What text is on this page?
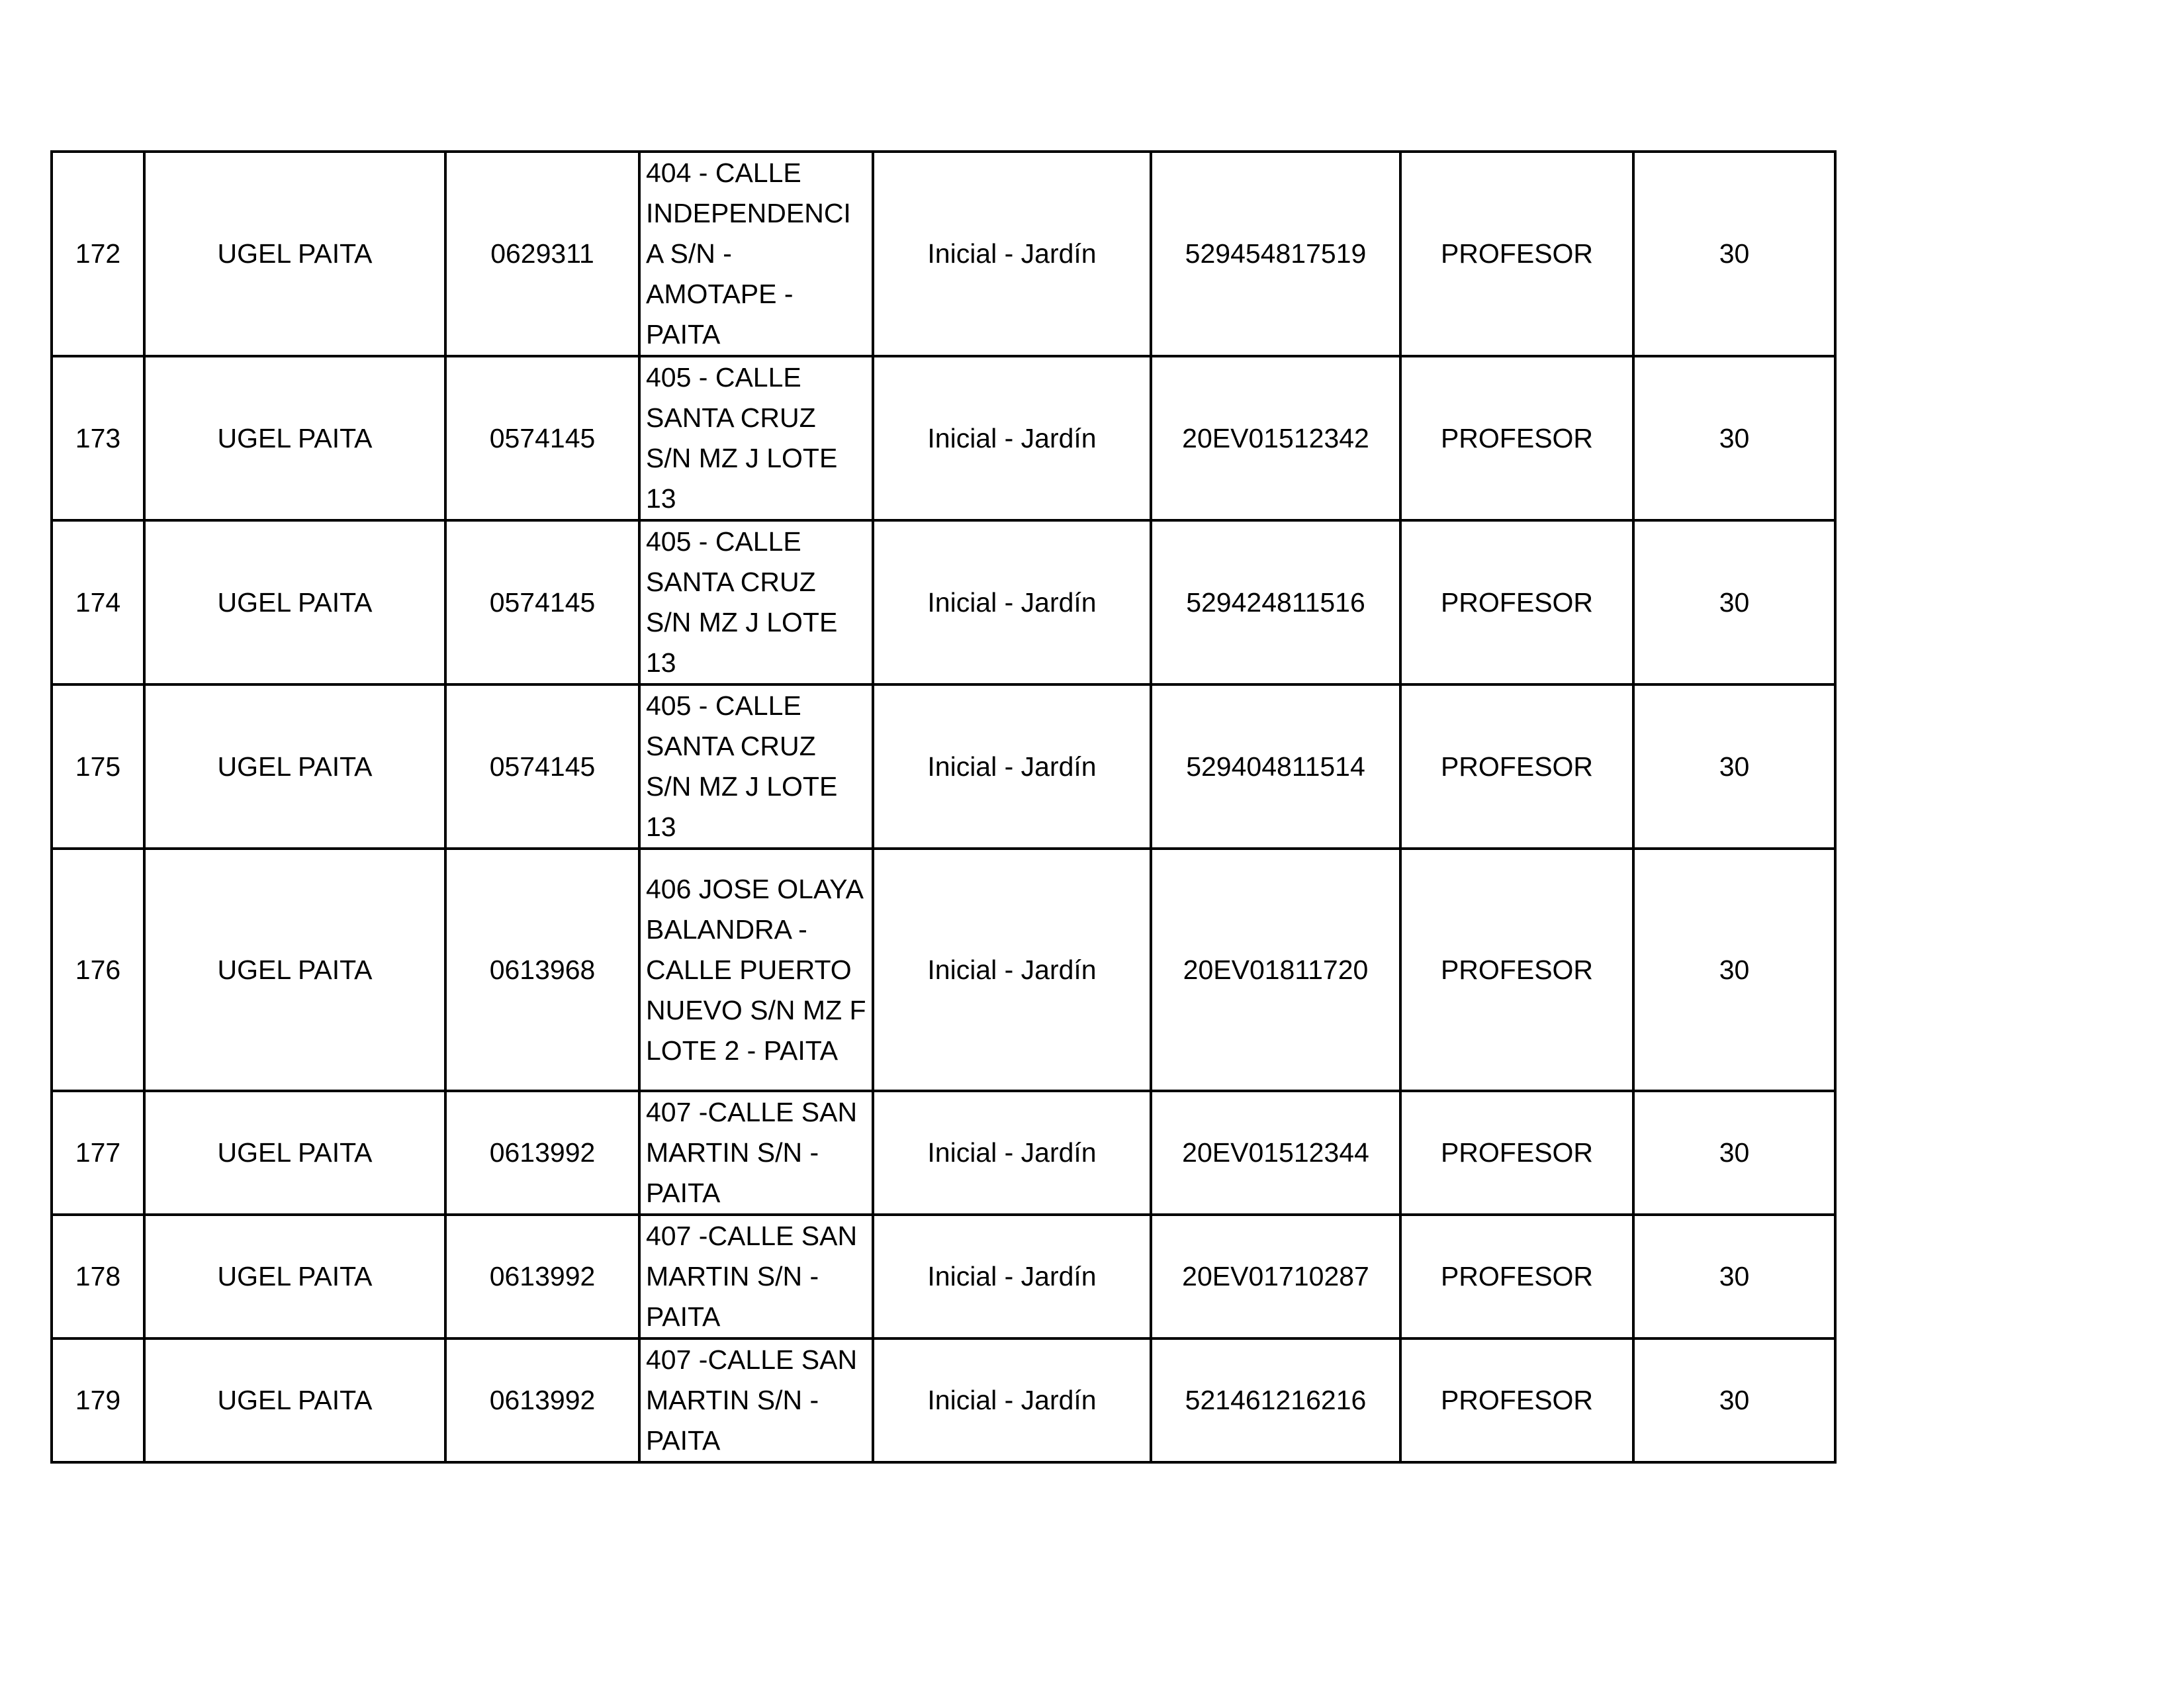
172	UGEL PAITA	0629311	404 - CALLE INDEPENDENCIA S/N - AMOTAPE - PAITA	Inicial - Jardín	529454817519	PROFESOR	30
173	UGEL PAITA	0574145	405 - CALLE SANTA CRUZ S/N MZ J LOTE 13	Inicial - Jardín	20EV01512342	PROFESOR	30
174	UGEL PAITA	0574145	405 - CALLE SANTA CRUZ S/N MZ J LOTE 13	Inicial - Jardín	529424811516	PROFESOR	30
175	UGEL PAITA	0574145	405 - CALLE SANTA CRUZ S/N MZ J LOTE 13	Inicial - Jardín	529404811514	PROFESOR	30
176	UGEL PAITA	0613968	406 JOSE OLAYA BALANDRA - CALLE PUERTO NUEVO S/N MZ F LOTE 2 - PAITA	Inicial - Jardín	20EV01811720	PROFESOR	30
177	UGEL PAITA	0613992	407 -CALLE SAN MARTIN S/N - PAITA	Inicial - Jardín	20EV01512344	PROFESOR	30
178	UGEL PAITA	0613992	407 -CALLE SAN MARTIN S/N - PAITA	Inicial - Jardín	20EV01710287	PROFESOR	30
179	UGEL PAITA	0613992	407 -CALLE SAN MARTIN S/N - PAITA	Inicial - Jardín	521461216216	PROFESOR	30
